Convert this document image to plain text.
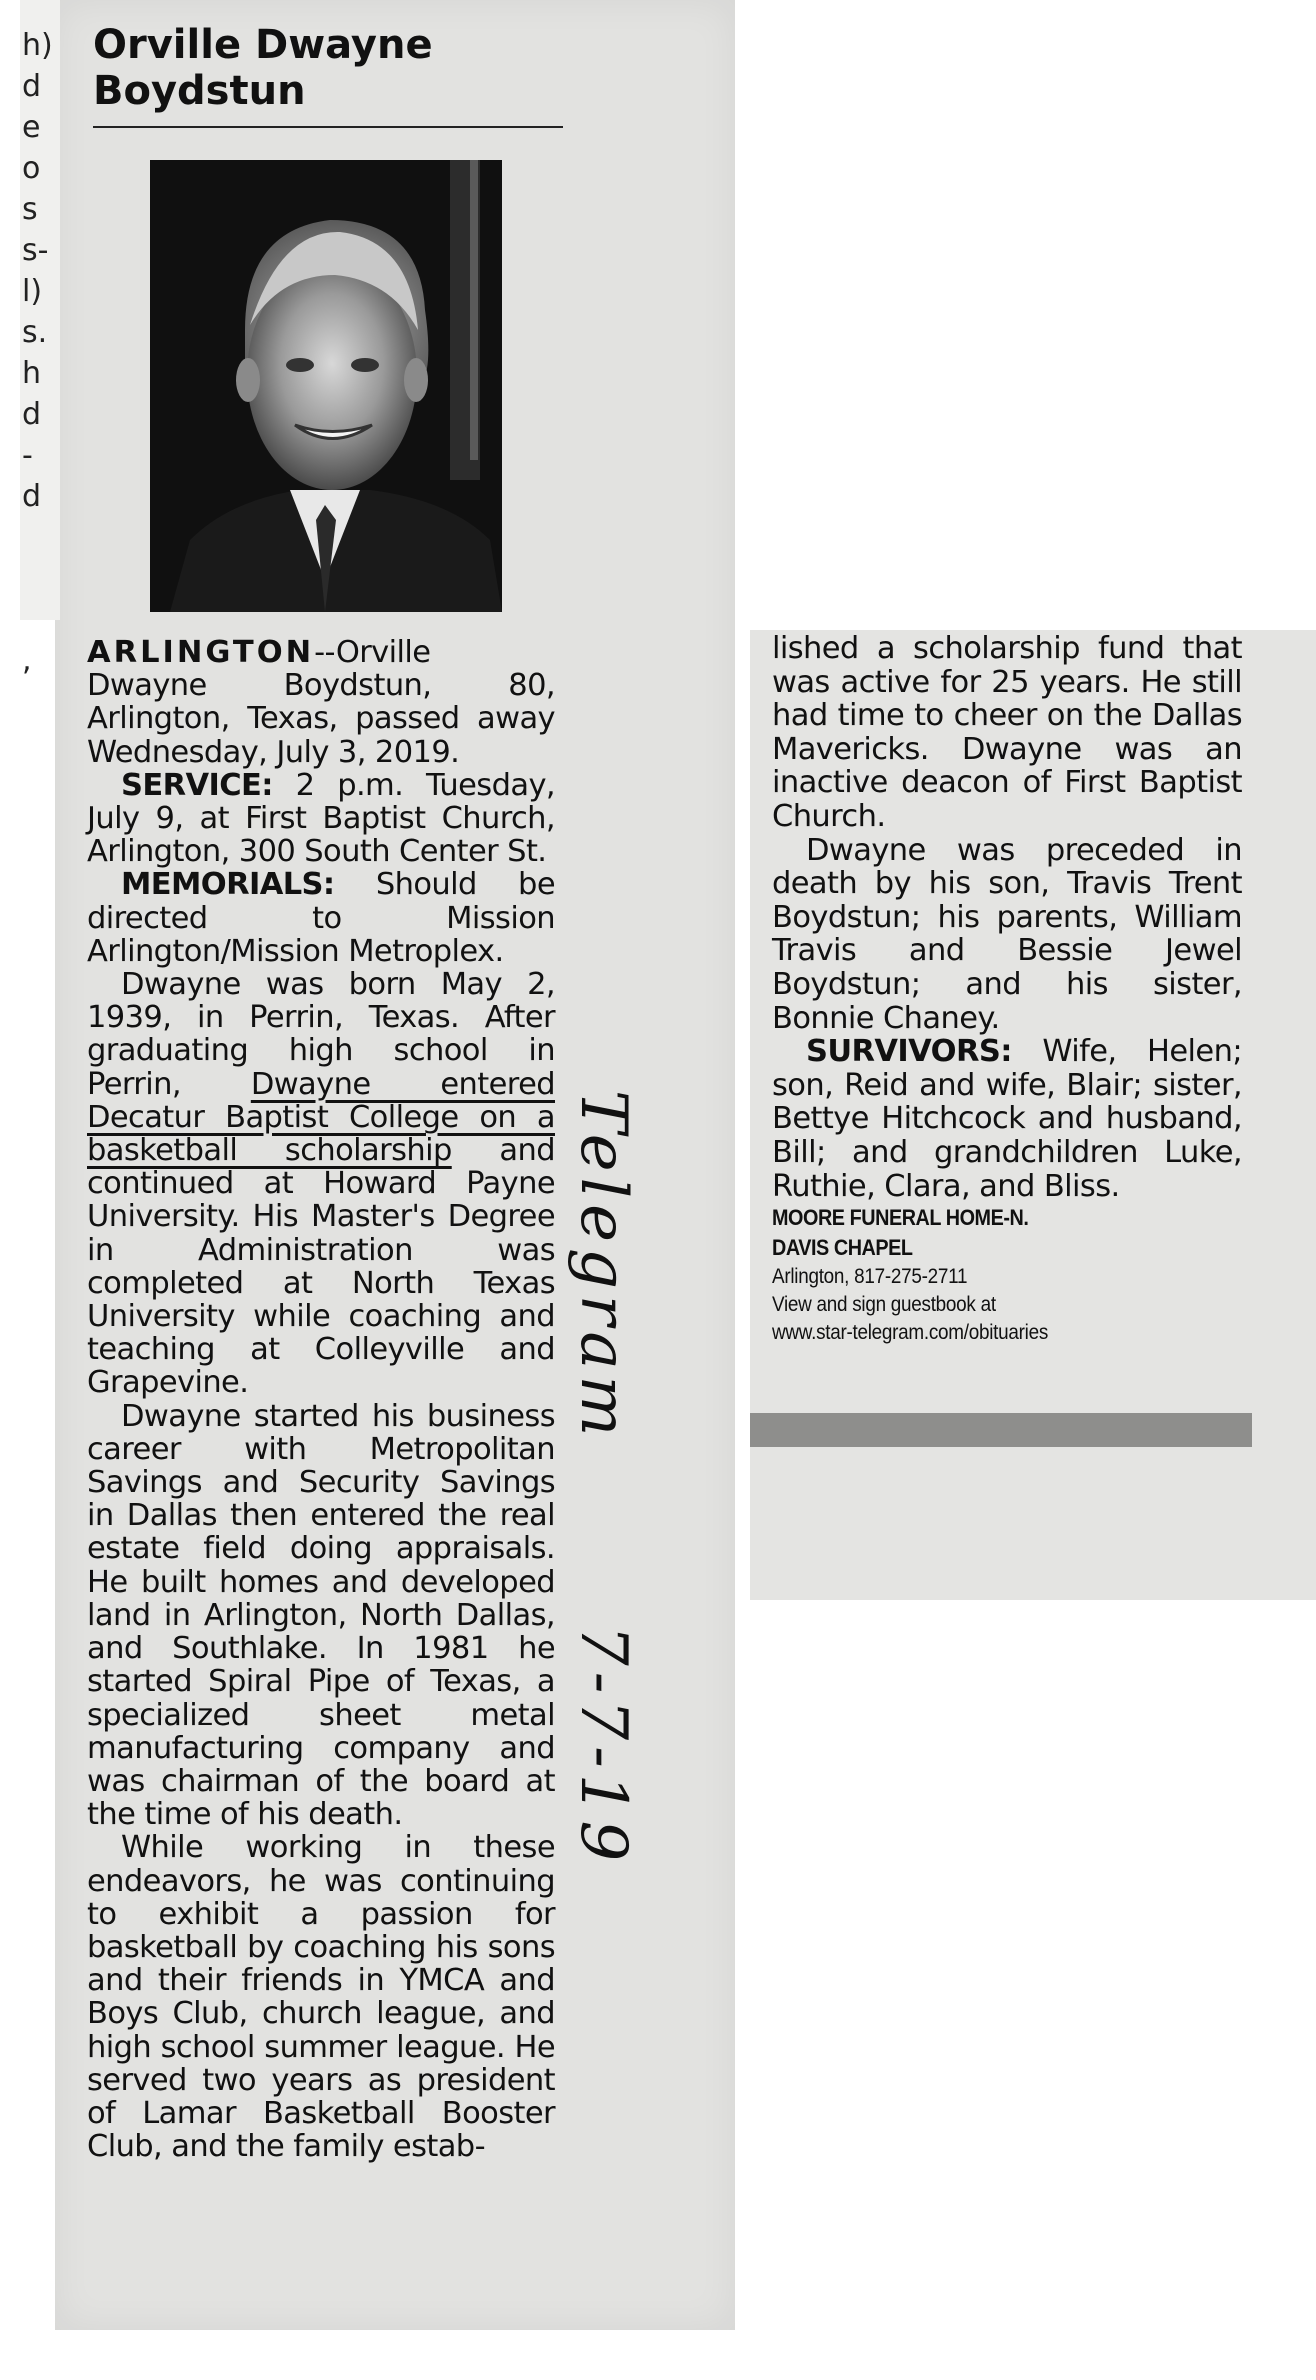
h)
d
e
o
s
s-
l)
s.
h
d
-
d
,
Orville Dwayne
Boydstun

ARLINGTON--Orville Dwayne Boydstun, 80, Arlington, Texas, passed away Wednesday, July 3, 2019.

SERVICE: 2 p.m. Tuesday, July 9, at First Baptist Church, Arlington, 300 South Center St.

MEMORIALS: Should be directed to Mission Arlington/Mission Metroplex.

Dwayne was born May 2, 1939, in Perrin, Texas. After graduating high school in Perrin, Dwayne entered Decatur Baptist College on a basketball scholarship and continued at Howard Payne University. His Master's Degree in Administration was completed at North Texas University while coaching and teaching at Colleyville and Grapevine.

Dwayne started his business career with Metropolitan Savings and Security Savings in Dallas then entered the real estate field doing appraisals. He built homes and developed land in Arlington, North Dallas, and Southlake. In 1981 he started Spiral Pipe of Texas, a specialized sheet metal manufacturing company and was chairman of the board at the time of his death.

While working in these endeavors, he was continuing to exhibit a passion for basketball by coaching his sons and their friends in YMCA and Boys Club, church league, and high school summer league. He served two years as president of Lamar Basketball Booster Club, and the family estab-

lished a scholarship fund that was active for 25 years. He still had time to cheer on the Dallas Mavericks. Dwayne was an inactive deacon of First Baptist Church.

Dwayne was preceded in death by his son, Travis Trent Boydstun; his parents, William Travis and Bessie Jewel Boydstun; and his sister, Bonnie Chaney.

SURVIVORS: Wife, Helen; son, Reid and wife, Blair; sister, Bettye Hitchcock and husband, Bill; and grandchildren Luke, Ruthie, Clara, and Bliss.

MOORE FUNERAL HOME-N.
DAVIS CHAPEL
Arlington, 817-275-2711
View and sign guestbook at
www.star-telegram.com/obituaries
Telegram  7-7-19
